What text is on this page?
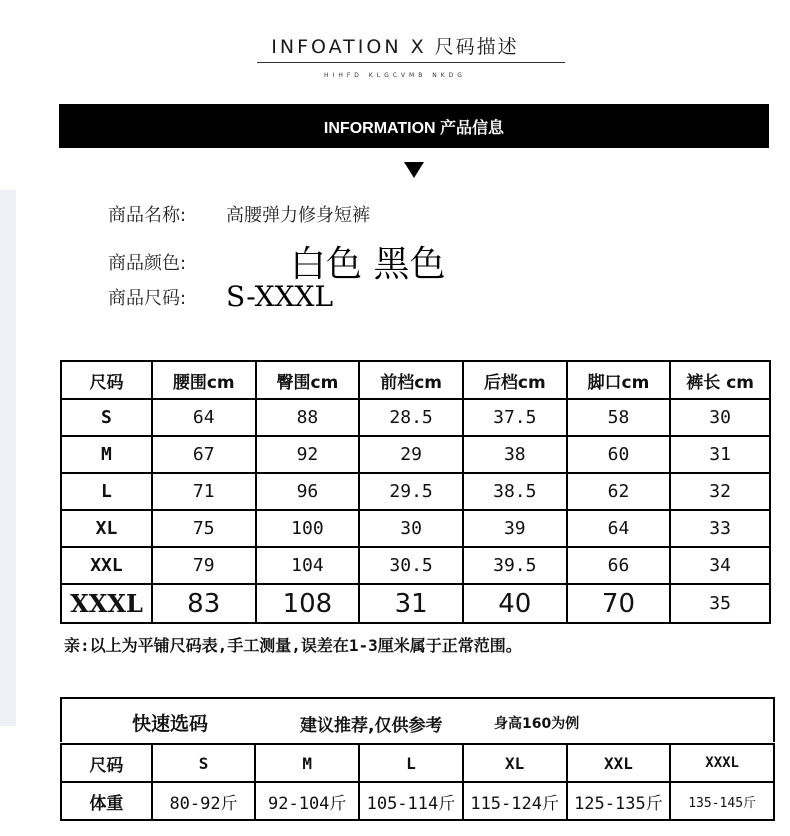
INFOATION X 尺码描述
HIHFD KLGCVMB NKDG
INFORMATION 产品信息
商品名称:	高腰弹力修身短裤
商品颜色:	白色 黑色
商品尺码:	S-XXXL
尺码	腰围cm	臀围cm	前档cm	后档cm	脚口cm	裤长 cm
S	64	88	28.5	37.5	58	30
M	67	92	29	38	60	31
L	71	96	29.5	38.5	62	32
XL	75	100	30	39	64	33
XXL	79	104	30.5	39.5	66	34
XXXL	83	108	31	40	70	35
亲:以上为平铺尺码表,手工测量,误差在1-3厘米属于正常范围。
快速选码	建议推荐,仅供参考	身高160为例
尺码	S	M	L	XL	XXL	XXXL
体重	80-92斤	92-104斤	105-114斤	115-124斤	125-135斤	135-145斤
